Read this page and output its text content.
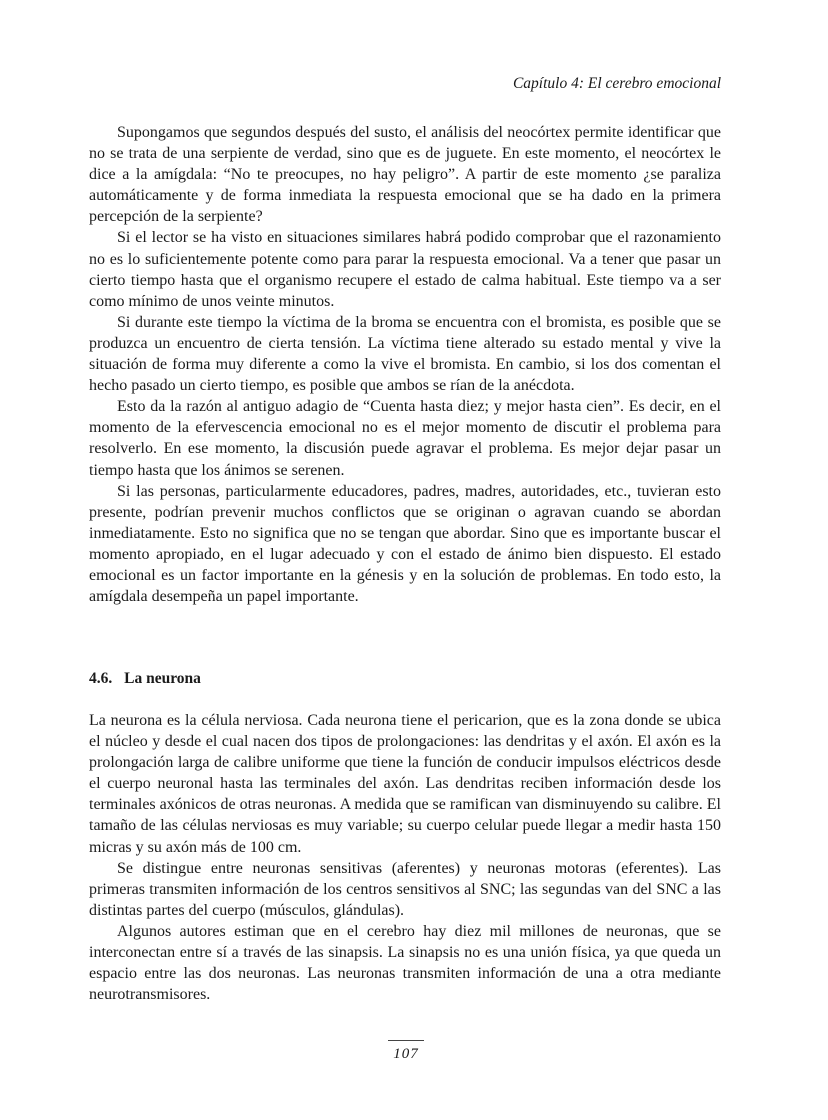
Capítulo 4: El cerebro emocional

Supongamos que segundos después del susto, el análisis del neocórtex permite identificar que no se trata de una serpiente de verdad, sino que es de juguete. En este momento, el neocórtex le dice a la amígdala: “No te preocupes, no hay peligro”. A partir de este momento ¿se paraliza automáticamente y de forma inmediata la respuesta emocional que se ha dado en la primera percepción de la serpiente?

Si el lector se ha visto en situaciones similares habrá podido comprobar que el razonamiento no es lo suficientemente potente como para parar la respuesta emocional. Va a tener que pasar un cierto tiempo hasta que el organismo recupere el estado de calma habitual. Este tiempo va a ser como mínimo de unos veinte minutos.

Si durante este tiempo la víctima de la broma se encuentra con el bromista, es posible que se produzca un encuentro de cierta tensión. La víctima tiene alterado su estado mental y vive la situación de forma muy diferente a como la vive el bromista. En cambio, si los dos comentan el hecho pasado un cierto tiempo, es posible que ambos se rían de la anécdota.

Esto da la razón al antiguo adagio de “Cuenta hasta diez; y mejor hasta cien”. Es decir, en el momento de la efervescencia emocional no es el mejor momento de discutir el problema para resolverlo. En ese momento, la discusión puede agravar el problema. Es mejor dejar pasar un tiempo hasta que los ánimos se serenen.

Si las personas, particularmente educadores, padres, madres, autoridades, etc., tuvieran esto presente, podrían prevenir muchos conflictos que se originan o agravan cuando se abordan inmediatamente. Esto no significa que no se tengan que abordar. Sino que es importante buscar el momento apropiado, en el lugar adecuado y con el estado de ánimo bien dispuesto. El estado emocional es un factor importante en la génesis y en la solución de problemas. En todo esto, la amígdala desempeña un papel importante.

4.6. La neurona

La neurona es la célula nerviosa. Cada neurona tiene el pericarion, que es la zona donde se ubica el núcleo y desde el cual nacen dos tipos de prolongaciones: las dendritas y el axón. El axón es la prolongación larga de calibre uniforme que tiene la función de conducir impulsos eléctricos desde el cuerpo neuronal hasta las terminales del axón. Las dendritas reciben información desde los terminales axónicos de otras neuronas. A medida que se ramifican van disminuyendo su calibre. El tamaño de las células nerviosas es muy variable; su cuerpo celular puede llegar a medir hasta 150 micras y su axón más de 100 cm.

Se distingue entre neuronas sensitivas (aferentes) y neuronas motoras (eferentes). Las primeras transmiten información de los centros sensitivos al SNC; las segundas van del SNC a las distintas partes del cuerpo (músculos, glándulas).

Algunos autores estiman que en el cerebro hay diez mil millones de neuronas, que se interconectan entre sí a través de las sinapsis. La sinapsis no es una unión física, ya que queda un espacio entre las dos neuronas. Las neuronas transmiten información de una a otra mediante neurotransmisores.

107
